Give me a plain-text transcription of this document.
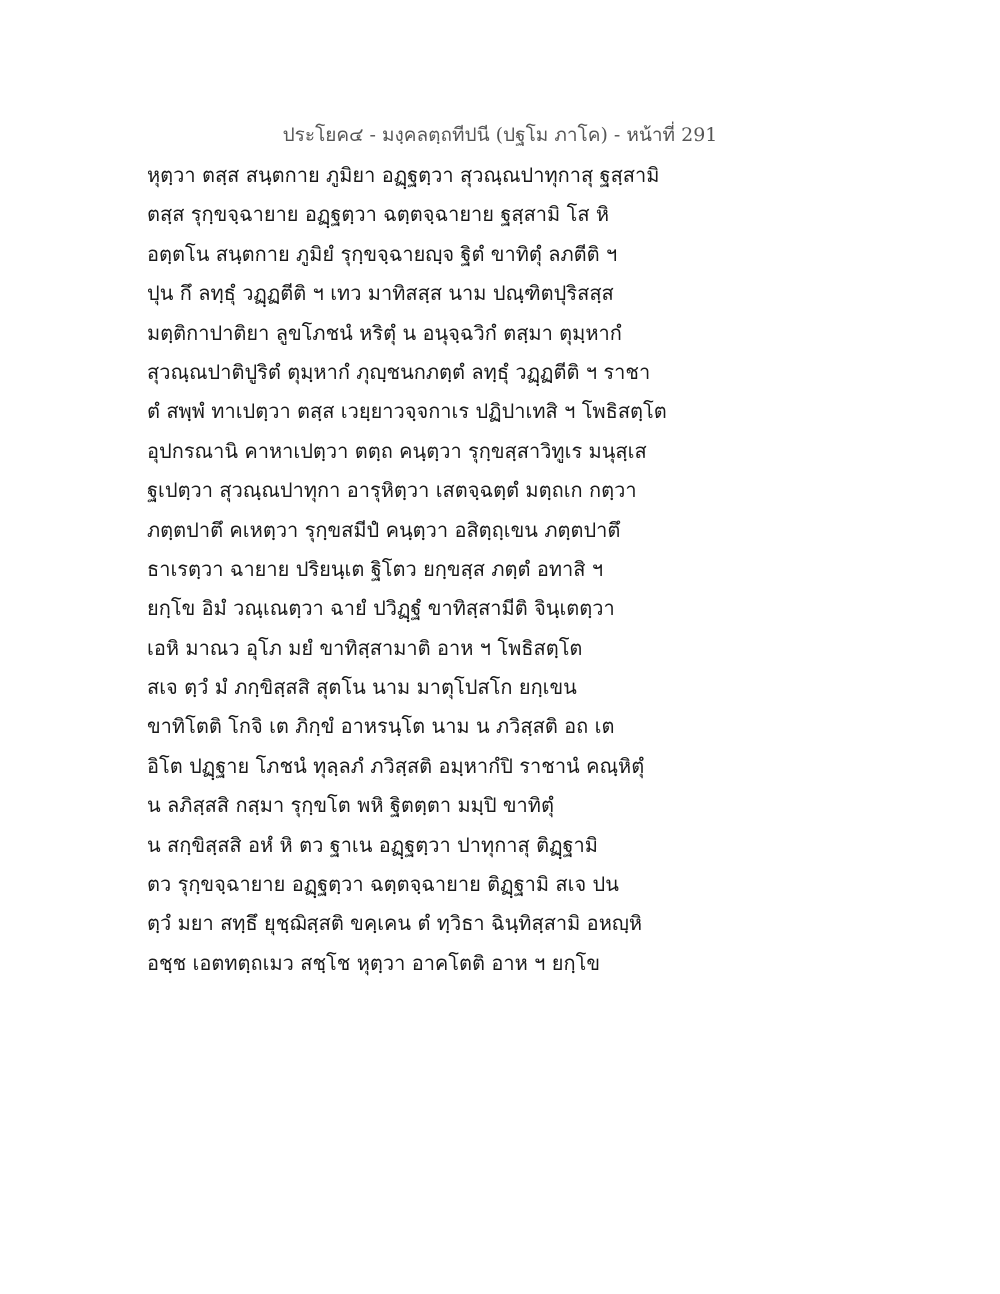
ประโยค๔ - มงฺคลตฺถทีปนี (ปฐโม ภาโค) - หน้าที่ 291
หุตฺวา ตสฺส สนฺตกาย ภูมิยา อฏฺฐตฺวา สุวณฺณปาทุกาสุ ฐสฺสามิ
ตสฺส รุกฺขจฺฉายาย อฏฺฐตฺวา ฉตฺตจฺฉายาย ฐสฺสามิ โส หิ
อตฺตโน สนฺตกาย ภูมิยํ รุกฺขจฺฉายญฺจ ฐิตํ ขาทิตุํ ลภตีติ ฯ
ปุน กึ ลทฺธุํ วฏฺฏตีติ ฯ เทว มาทิสสฺส นาม ปณฺฑิตปุริสสฺส
มตฺติกาปาติยา ลูขโภชนํ หริตุํ น อนุจฺฉวิกํ ตสฺมา ตุมฺหากํ
สุวณฺณปาติปูริตํ ตุมฺหากํ ภุญฺชนกภตฺตํ ลทฺธุํ วฏฺฏตีติ ฯ ราชา
ตํ สพฺพํ ทาเปตฺวา ตสฺส เวยฺยาวจฺจกาเร ปฏิปาเทสิ ฯ โพธิสตฺโต
อุปกรณานิ คาหาเปตฺวา ตตฺถ คนฺตฺวา รุกฺขสฺสาวิทูเร มนุสฺเส
ฐเปตฺวา สุวณฺณปาทุกา อารุหิตฺวา เสตจฺฉตฺตํ มตฺถเก กตฺวา
ภตฺตปาตึ คเหตฺวา รุกฺขสมีปํ คนฺตฺวา อสิตฺถฺเขน ภตฺตปาตึ
ธาเรตฺวา ฉายาย ปริยนฺเต ฐิโตว ยกฺขสฺส ภตฺตํ อทาสิ ฯ
ยกฺโข อิมํ วณฺเณตฺวา ฉายํ ปวิฏฺฐํ ขาทิสฺสามีติ จินฺเตตฺวา
เอหิ มาณว อุโภ มยํ ขาทิสฺสามาติ อาห ฯ โพธิสตฺโต
สเจ ตฺวํ มํ ภกฺขิสฺสสิ สุตโน นาม มาตุโปสโก ยกฺเขน
ขาทิโตติ โกจิ เต ภิกฺขํ อาหรนฺโต นาม น ภวิสฺสติ อถ เต
อิโต ปฏฺฐาย โภชนํ ทุลฺลภํ ภวิสฺสติ อมฺหากํปิ ราชานํ คณฺหิตุํ
น ลภิสฺสสิ กสฺมา รุกฺขโต พหิ ฐิตตฺตา มมฺปิ ขาทิตุํ
น สกฺขิสฺสสิ อหํ หิ ตว ฐาเน อฏฺฐตฺวา ปาทุกาสุ ติฏฺฐามิ
ตว รุกฺขจฺฉายาย อฏฺฐตฺวา ฉตฺตจฺฉายาย ติฏฺฐามิ สเจ ปน
ตฺวํ มยา สทฺธึ ยุชฺฌิสฺสติ ขคฺเคน ตํ ทฺวิธา ฉินฺทิสฺสามิ อหญฺหิ
อชฺช เอตทตฺถเมว สชฺโช หุตฺวา อาคโตติ อาห ฯ ยกฺโข
